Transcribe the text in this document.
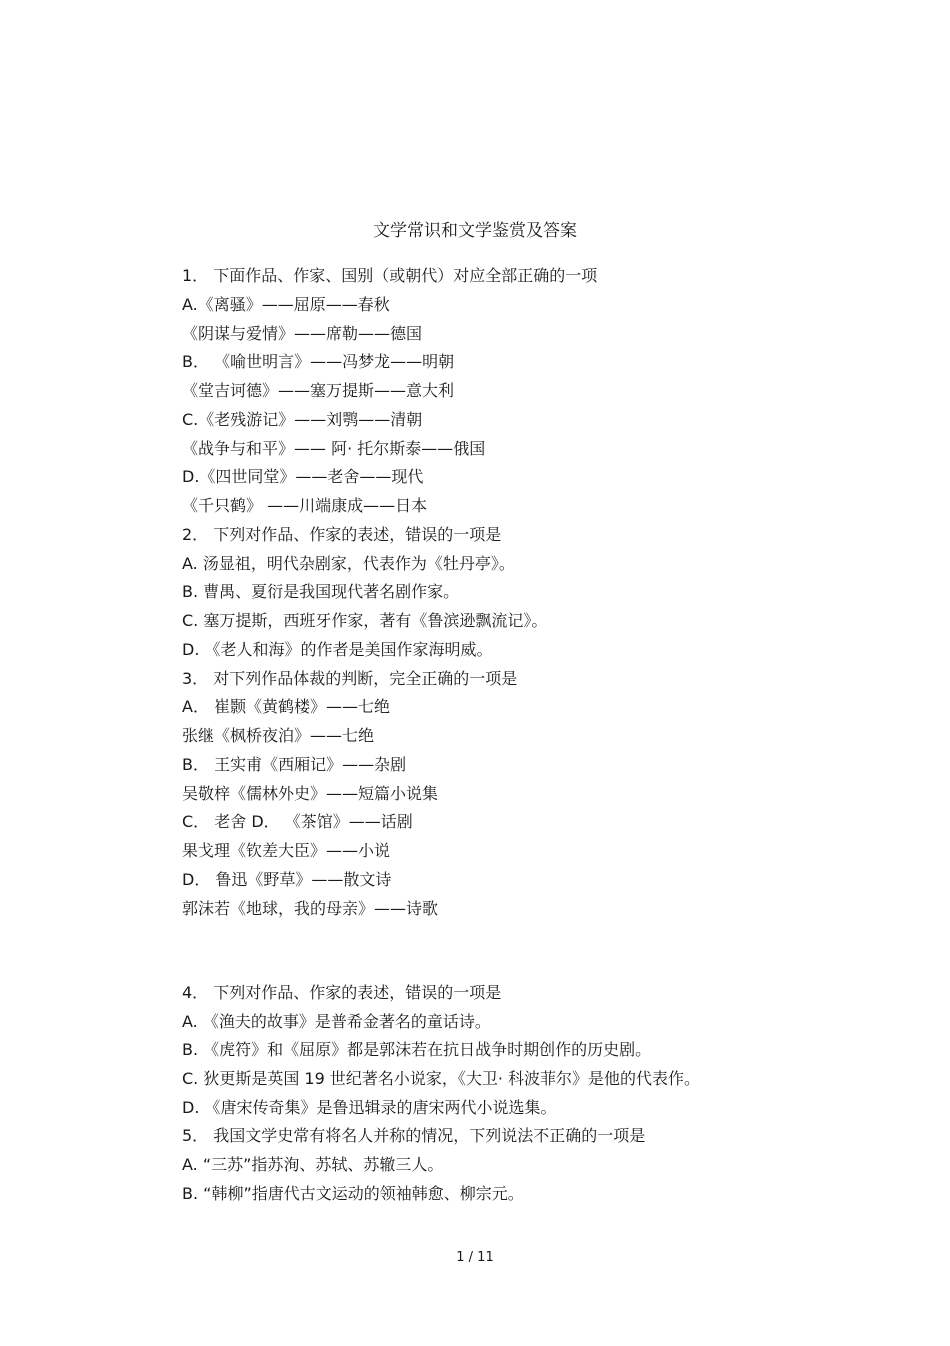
文学常识和文学鉴赏及答案
1． 下面作品、作家、国别（或朝代）对应全部正确的一项
A.《离骚》——屈原——春秋
《阴谋与爱情》——席勒——德国
B． 《喻世明言》——冯梦龙——明朝
《堂吉诃德》——塞万提斯——意大利
C.《老残游记》——刘鹗——清朝
《战争与和平》—— 阿· 托尔斯泰——俄国
D.《四世同堂》——老舍——现代
《千只鹤》 ——川端康成——日本
2． 下列对作品、作家的表述，错误的一项是
A. 汤显祖，明代杂剧家，代表作为《牡丹亭》。
B. 曹禺、夏衍是我国现代著名剧作家。
C. 塞万提斯，西班牙作家，著有《鲁滨逊飘流记》。
D. 《老人和海》的作者是美国作家海明威。
3． 对下列作品体裁的判断，完全正确的一项是
A． 崔颢《黄鹤楼》——七绝
张继《枫桥夜泊》——七绝
B． 王实甫《西厢记》——杂剧
吴敬梓《儒林外史》——短篇小说集
C． 老舍 D． 《茶馆》——话剧
果戈理《钦差大臣》——小说
D． 鲁迅《野草》——散文诗
郭沫若《地球，我的母亲》——诗歌
4． 下列对作品、作家的表述，错误的一项是
A. 《渔夫的故事》是普希金著名的童话诗。
B. 《虎符》和《屈原》都是郭沫若在抗日战争时期创作的历史剧。
C. 狄更斯是英国 19 世纪著名小说家，《大卫· 科波菲尔》是他的代表作。
D. 《唐宋传奇集》是鲁迅辑录的唐宋两代小说选集。
5． 我国文学史常有将名人并称的情况，下列说法不正确的一项是
A. “三苏”指苏洵、苏轼、苏辙三人。
B. “韩柳”指唐代古文运动的领袖韩愈、柳宗元。
1 / 11
